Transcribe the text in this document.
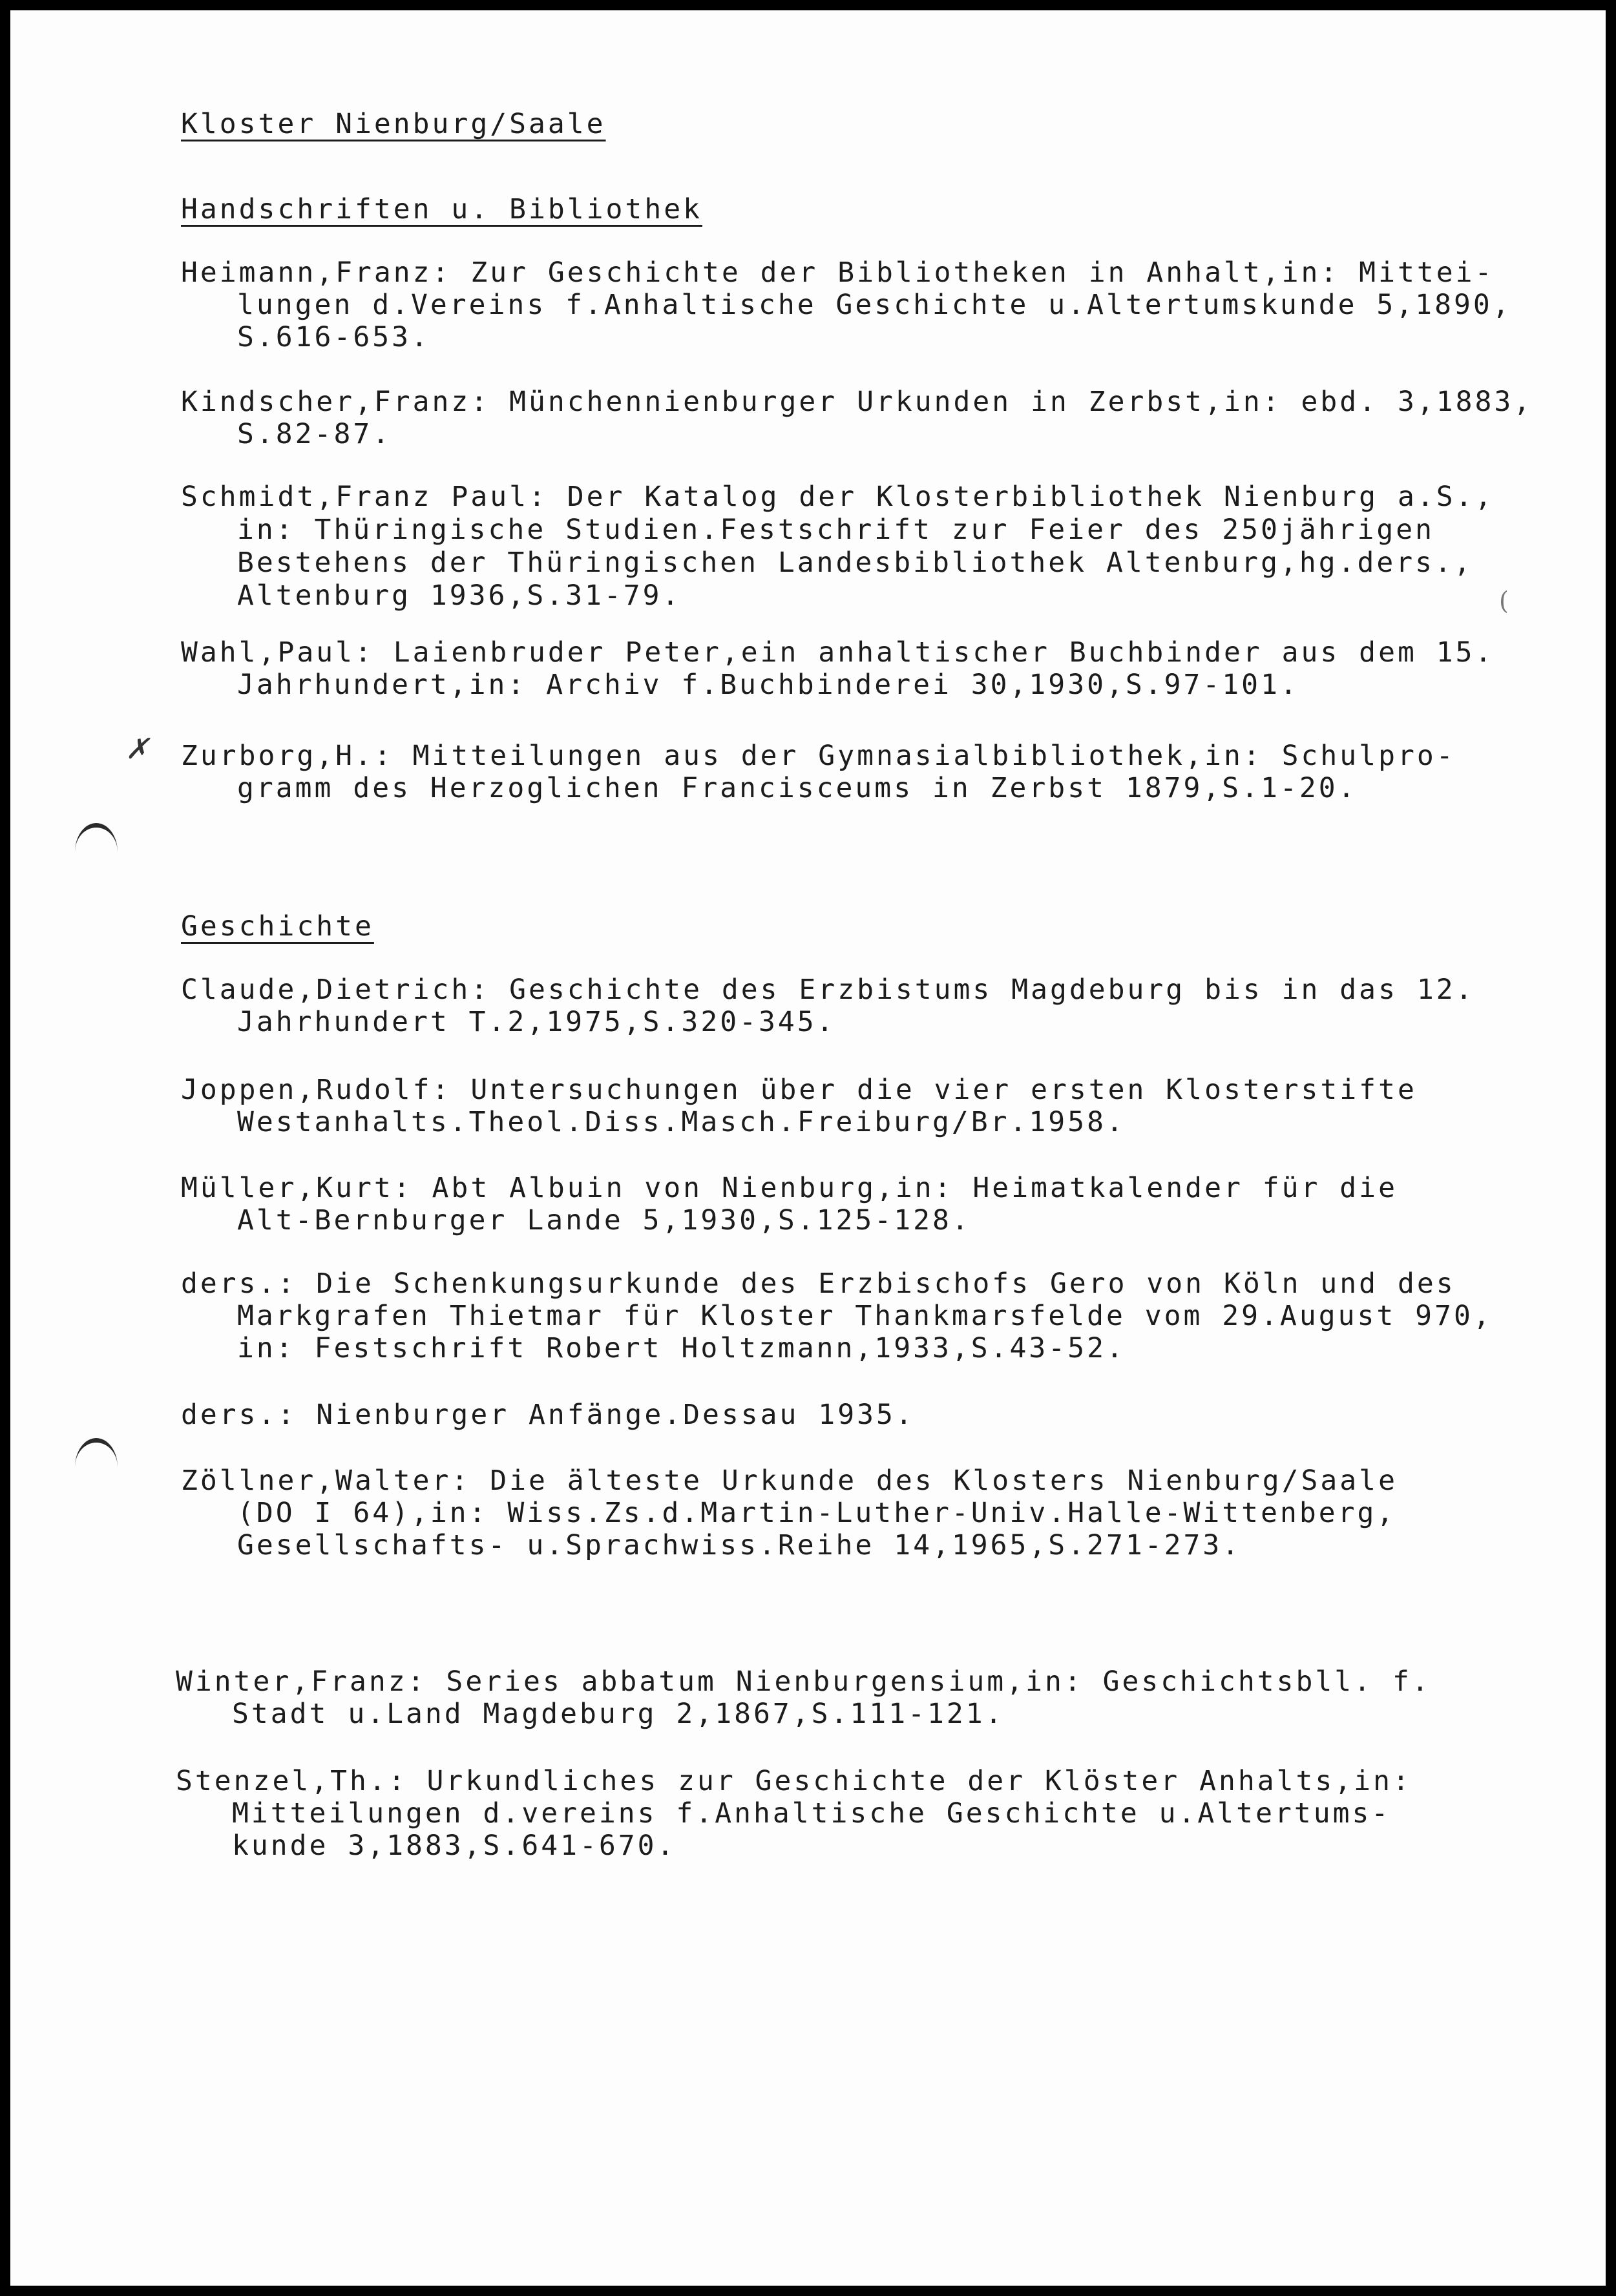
Kloster Nienburg/Saale
Handschriften u. Bibliothek
Heimann,Franz: Zur Geschichte der Bibliotheken in Anhalt,in: Mittei-
lungen d.Vereins f.Anhaltische Geschichte u.Altertumskunde 5,1890,
S.616-653.
Kindscher,Franz: Münchennienburger Urkunden in Zerbst,in: ebd. 3,1883,
S.82-87.
Schmidt,Franz Paul: Der Katalog der Klosterbibliothek Nienburg a.S.,
in: Thüringische Studien.Festschrift zur Feier des 250jährigen
Bestehens der Thüringischen Landesbibliothek Altenburg,hg.ders.,
Altenburg 1936,S.31-79.
Wahl,Paul: Laienbruder Peter,ein anhaltischer Buchbinder aus dem 15.
Jahrhundert,in: Archiv f.Buchbinderei 30,1930,S.97-101.
Zurborg,H.: Mitteilungen aus der Gymnasialbibliothek,in: Schulpro-
gramm des Herzoglichen Francisceums in Zerbst 1879,S.1-20.
Geschichte
Claude,Dietrich: Geschichte des Erzbistums Magdeburg bis in das 12.
Jahrhundert T.2,1975,S.320-345.
Joppen,Rudolf: Untersuchungen über die vier ersten Klosterstifte
Westanhalts.Theol.Diss.Masch.Freiburg/Br.1958.
Müller,Kurt: Abt Albuin von Nienburg,in: Heimatkalender für die
Alt-Bernburger Lande 5,1930,S.125-128.
ders.: Die Schenkungsurkunde des Erzbischofs Gero von Köln und des
Markgrafen Thietmar für Kloster Thankmarsfelde vom 29.August 970,
in: Festschrift Robert Holtzmann,1933,S.43-52.
ders.: Nienburger Anfänge.Dessau 1935.
Zöllner,Walter: Die älteste Urkunde des Klosters Nienburg/Saale
(DO I 64),in: Wiss.Zs.d.Martin-Luther-Univ.Halle-Wittenberg,
Gesellschafts- u.Sprachwiss.Reihe 14,1965,S.271-273.
Winter,Franz: Series abbatum Nienburgensium,in: Geschichtsbll. f.
Stadt u.Land Magdeburg 2,1867,S.111-121.
Stenzel,Th.: Urkundliches zur Geschichte der Klöster Anhalts,in:
Mitteilungen d.vereins f.Anhaltische Geschichte u.Altertums-
kunde 3,1883,S.641-670.
✗
(
